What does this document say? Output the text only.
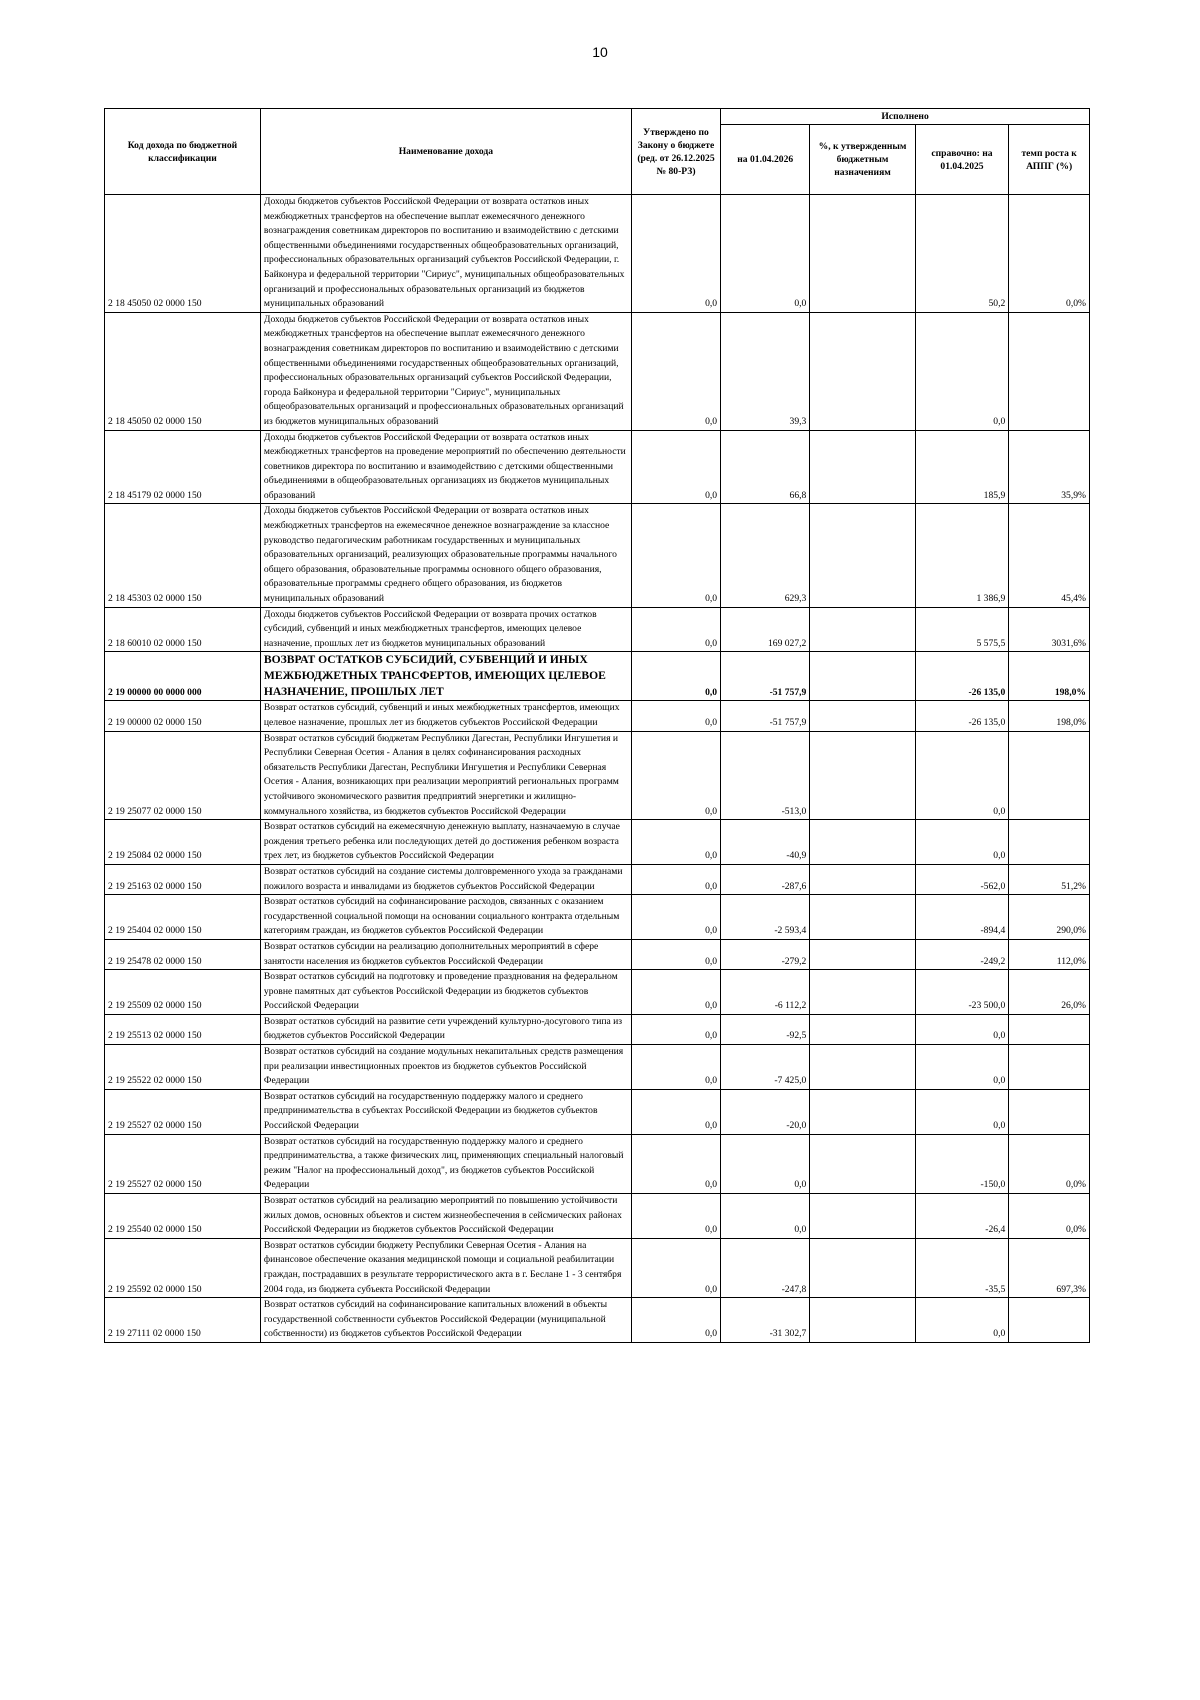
10
Код дохода по бюджетной классификации	Наименование дохода	Утверждено по Закону о бюджете (ред. от 26.12.2025 № 80-РЗ)	Исполнено			
			на 01.04.2026	%, к утвержденным бюджетным назначениям	справочно: на 01.04.2025	темп роста к АППГ (%)
2 18 45050 02 0000 150	Доходы бюджетов субъектов Российской Федерации от возврата остатков иных межбюджетных трансфертов на обеспечение выплат ежемесячного денежного вознаграждения советникам директоров по воспитанию и взаимодействию с детскими общественными объединениями государственных общеобразовательных организаций, профессиональных образовательных организаций субъектов Российской Федерации, г. Байконура и федеральной территории "Сириус", муниципальных общеобразовательных организаций и профессиональных образовательных организаций из бюджетов муниципальных образований	0,0	0,0		50,2	0,0%
2 18 45050 02 0000 150	Доходы бюджетов субъектов Российской Федерации от возврата остатков иных межбюджетных трансфертов на обеспечение выплат ежемесячного денежного вознаграждения советникам директоров по воспитанию и взаимодействию с детскими общественными объединениями государственных общеобразовательных организаций, профессиональных образовательных организаций субъектов Российской Федерации, города Байконура и федеральной территории "Сириус", муниципальных общеобразовательных организаций и профессиональных образовательных организаций из бюджетов муниципальных образований	0,0	39,3		0,0	
2 18 45179 02 0000 150	Доходы бюджетов субъектов Российской Федерации от возврата остатков иных межбюджетных трансфертов на проведение мероприятий по обеспечению деятельности советников директора по воспитанию и взаимодействию с детскими общественными объединениями в общеобразовательных организациях из бюджетов муниципальных образований	0,0	66,8		185,9	35,9%
2 18 45303 02 0000 150	Доходы бюджетов субъектов Российской Федерации от возврата остатков иных межбюджетных трансфертов на ежемесячное денежное вознаграждение за классное руководство педагогическим работникам государственных и муниципальных образовательных организаций, реализующих образовательные программы начального общего образования, образовательные программы основного общего образования, образовательные программы среднего общего образования, из бюджетов муниципальных образований	0,0	629,3		1 386,9	45,4%
2 18 60010 02 0000 150	Доходы бюджетов субъектов Российской Федерации от возврата прочих остатков субсидий, субвенций и иных межбюджетных трансфертов, имеющих целевое назначение, прошлых лет из бюджетов муниципальных образований	0,0	169 027,2		5 575,5	3031,6%
2 19 00000 00 0000 000	ВОЗВРАТ ОСТАТКОВ СУБСИДИЙ, СУБВЕНЦИЙ И ИНЫХ МЕЖБЮДЖЕТНЫХ ТРАНСФЕРТОВ, ИМЕЮЩИХ ЦЕЛЕВОЕ НАЗНАЧЕНИЕ, ПРОШЛЫХ ЛЕТ	0,0	-51 757,9		-26 135,0	198,0%
2 19 00000 02 0000 150	Возврат остатков субсидий, субвенций и иных межбюджетных трансфертов, имеющих целевое назначение, прошлых лет из бюджетов субъектов Российской Федерации	0,0	-51 757,9		-26 135,0	198,0%
2 19 25077 02 0000 150	Возврат остатков субсидий бюджетам Республики Дагестан, Республики Ингушетия и Республики Северная Осетия - Алания в целях софинансирования расходных обязательств Республики Дагестан, Республики Ингушетия и Республики Северная Осетия - Алания, возникающих при реализации мероприятий региональных программ устойчивого экономического развития предприятий энергетики и жилищно-коммунального хозяйства, из бюджетов субъектов Российской Федерации	0,0	-513,0		0,0	
2 19 25084 02 0000 150	Возврат остатков субсидий на ежемесячную денежную выплату, назначаемую в случае рождения третьего ребенка или последующих детей до достижения ребенком возраста трех лет, из бюджетов субъектов Российской Федерации	0,0	-40,9		0,0	
2 19 25163 02 0000 150	Возврат остатков субсидий на создание системы долговременного ухода за гражданами пожилого возраста и инвалидами из бюджетов субъектов Российской Федерации	0,0	-287,6		-562,0	51,2%
2 19 25404 02 0000 150	Возврат остатков субсидий на софинансирование расходов, связанных с оказанием государственной социальной помощи на основании социального контракта отдельным категориям граждан, из бюджетов субъектов Российской Федерации	0,0	-2 593,4		-894,4	290,0%
2 19 25478 02 0000 150	Возврат остатков субсидии на реализацию дополнительных мероприятий в сфере занятости населения из бюджетов субъектов Российской Федерации	0,0	-279,2		-249,2	112,0%
2 19 25509 02 0000 150	Возврат остатков субсидий на подготовку и проведение празднования на федеральном уровне памятных дат субъектов Российской Федерации из бюджетов субъектов Российской Федерации	0,0	-6 112,2		-23 500,0	26,0%
2 19 25513 02 0000 150	Возврат остатков субсидий на развитие сети учреждений культурно-досугового типа из бюджетов субъектов Российской Федерации	0,0	-92,5		0,0	
2 19 25522 02 0000 150	Возврат остатков субсидий на создание модульных некапитальных средств размещения при реализации инвестиционных проектов из бюджетов субъектов Российской Федерации	0,0	-7 425,0		0,0	
2 19 25527 02 0000 150	Возврат остатков субсидий на государственную поддержку малого и среднего предпринимательства в субъектах Российской Федерации из бюджетов субъектов Российской Федерации	0,0	-20,0		0,0	
2 19 25527 02 0000 150	Возврат остатков субсидий на государственную поддержку малого и среднего предпринимательства, а также физических лиц, применяющих специальный налоговый режим "Налог на профессиональный доход", из бюджетов субъектов Российской Федерации	0,0	0,0		-150,0	0,0%
2 19 25540 02 0000 150	Возврат остатков субсидий на реализацию мероприятий по повышению устойчивости жилых домов, основных объектов и систем жизнеобеспечения в сейсмических районах Российской Федерации из бюджетов субъектов Российской Федерации	0,0	0,0		-26,4	0,0%
2 19 25592 02 0000 150	Возврат остатков субсидии бюджету Республики Северная Осетия - Алания на финансовое обеспечение оказания медицинской помощи и социальной реабилитации граждан, пострадавших в результате террористического акта в г. Беслане 1 - 3 сентября 2004 года, из бюджета субъекта Российской Федерации	0,0	-247,8		-35,5	697,3%
2 19 27111 02 0000 150	Возврат остатков субсидий на софинансирование капитальных вложений в объекты государственной собственности субъектов Российской Федерации (муниципальной собственности) из бюджетов субъектов Российской Федерации	0,0	-31 302,7		0,0	
